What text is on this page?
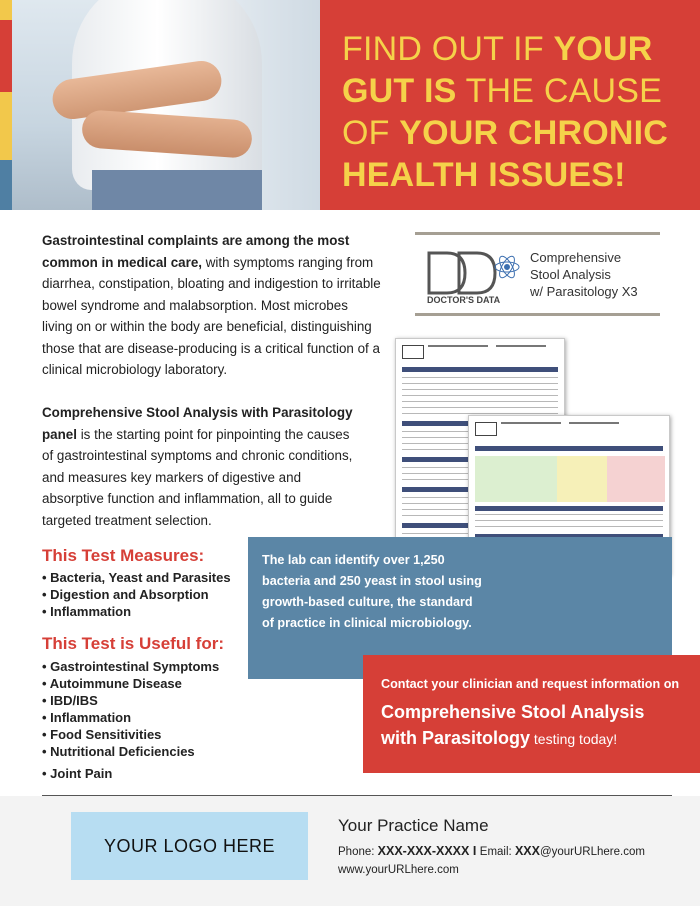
FIND OUT IF YOUR
GUT IS THE CAUSE
OF YOUR CHRONIC
HEALTH ISSUES!

Gastrointestinal complaints are among the most common in medical care, with symptoms ranging from diarrhea, constipation, bloating and indigestion to irritable bowel syndrome and malabsorption. Most microbes living on or within the body are beneficial, distinguishing those that are disease-producing is a critical function of a clinical microbiology laboratory.

Comprehensive Stool Analysis with Parasitology panel is the starting point for pinpointing the causes of gastrointestinal symptoms and chronic conditions, and measures key markers of digestive and absorptive function and inflammation, all to guide targeted treatment selection.

This Test Measures:
• Bacteria, Yeast and Parasites
• Digestion and Absorption
• Inflammation
This Test is Useful for:
• Gastrointestinal Symptoms
• Autoimmune Disease
• IBD/IBS
• Inflammation
• Food Sensitivities
• Nutritional Deficiencies
• Joint Pain
DOCTOR'S DATA
Comprehensive
Stool Analysis
w/ Parasitology X3

The lab can identify over 1,250 bacteria and 250 yeast in stool using growth-based culture, the standard of practice in clinical microbiology.

Contact your clinician and request information on
Comprehensive Stool Analysis
with Parasitology testing today!
YOUR LOGO HERE
Your Practice Name
Phone: XXX-XXX-XXXX I Email: XXX@yourURLhere.com
www.yourURLhere.com
